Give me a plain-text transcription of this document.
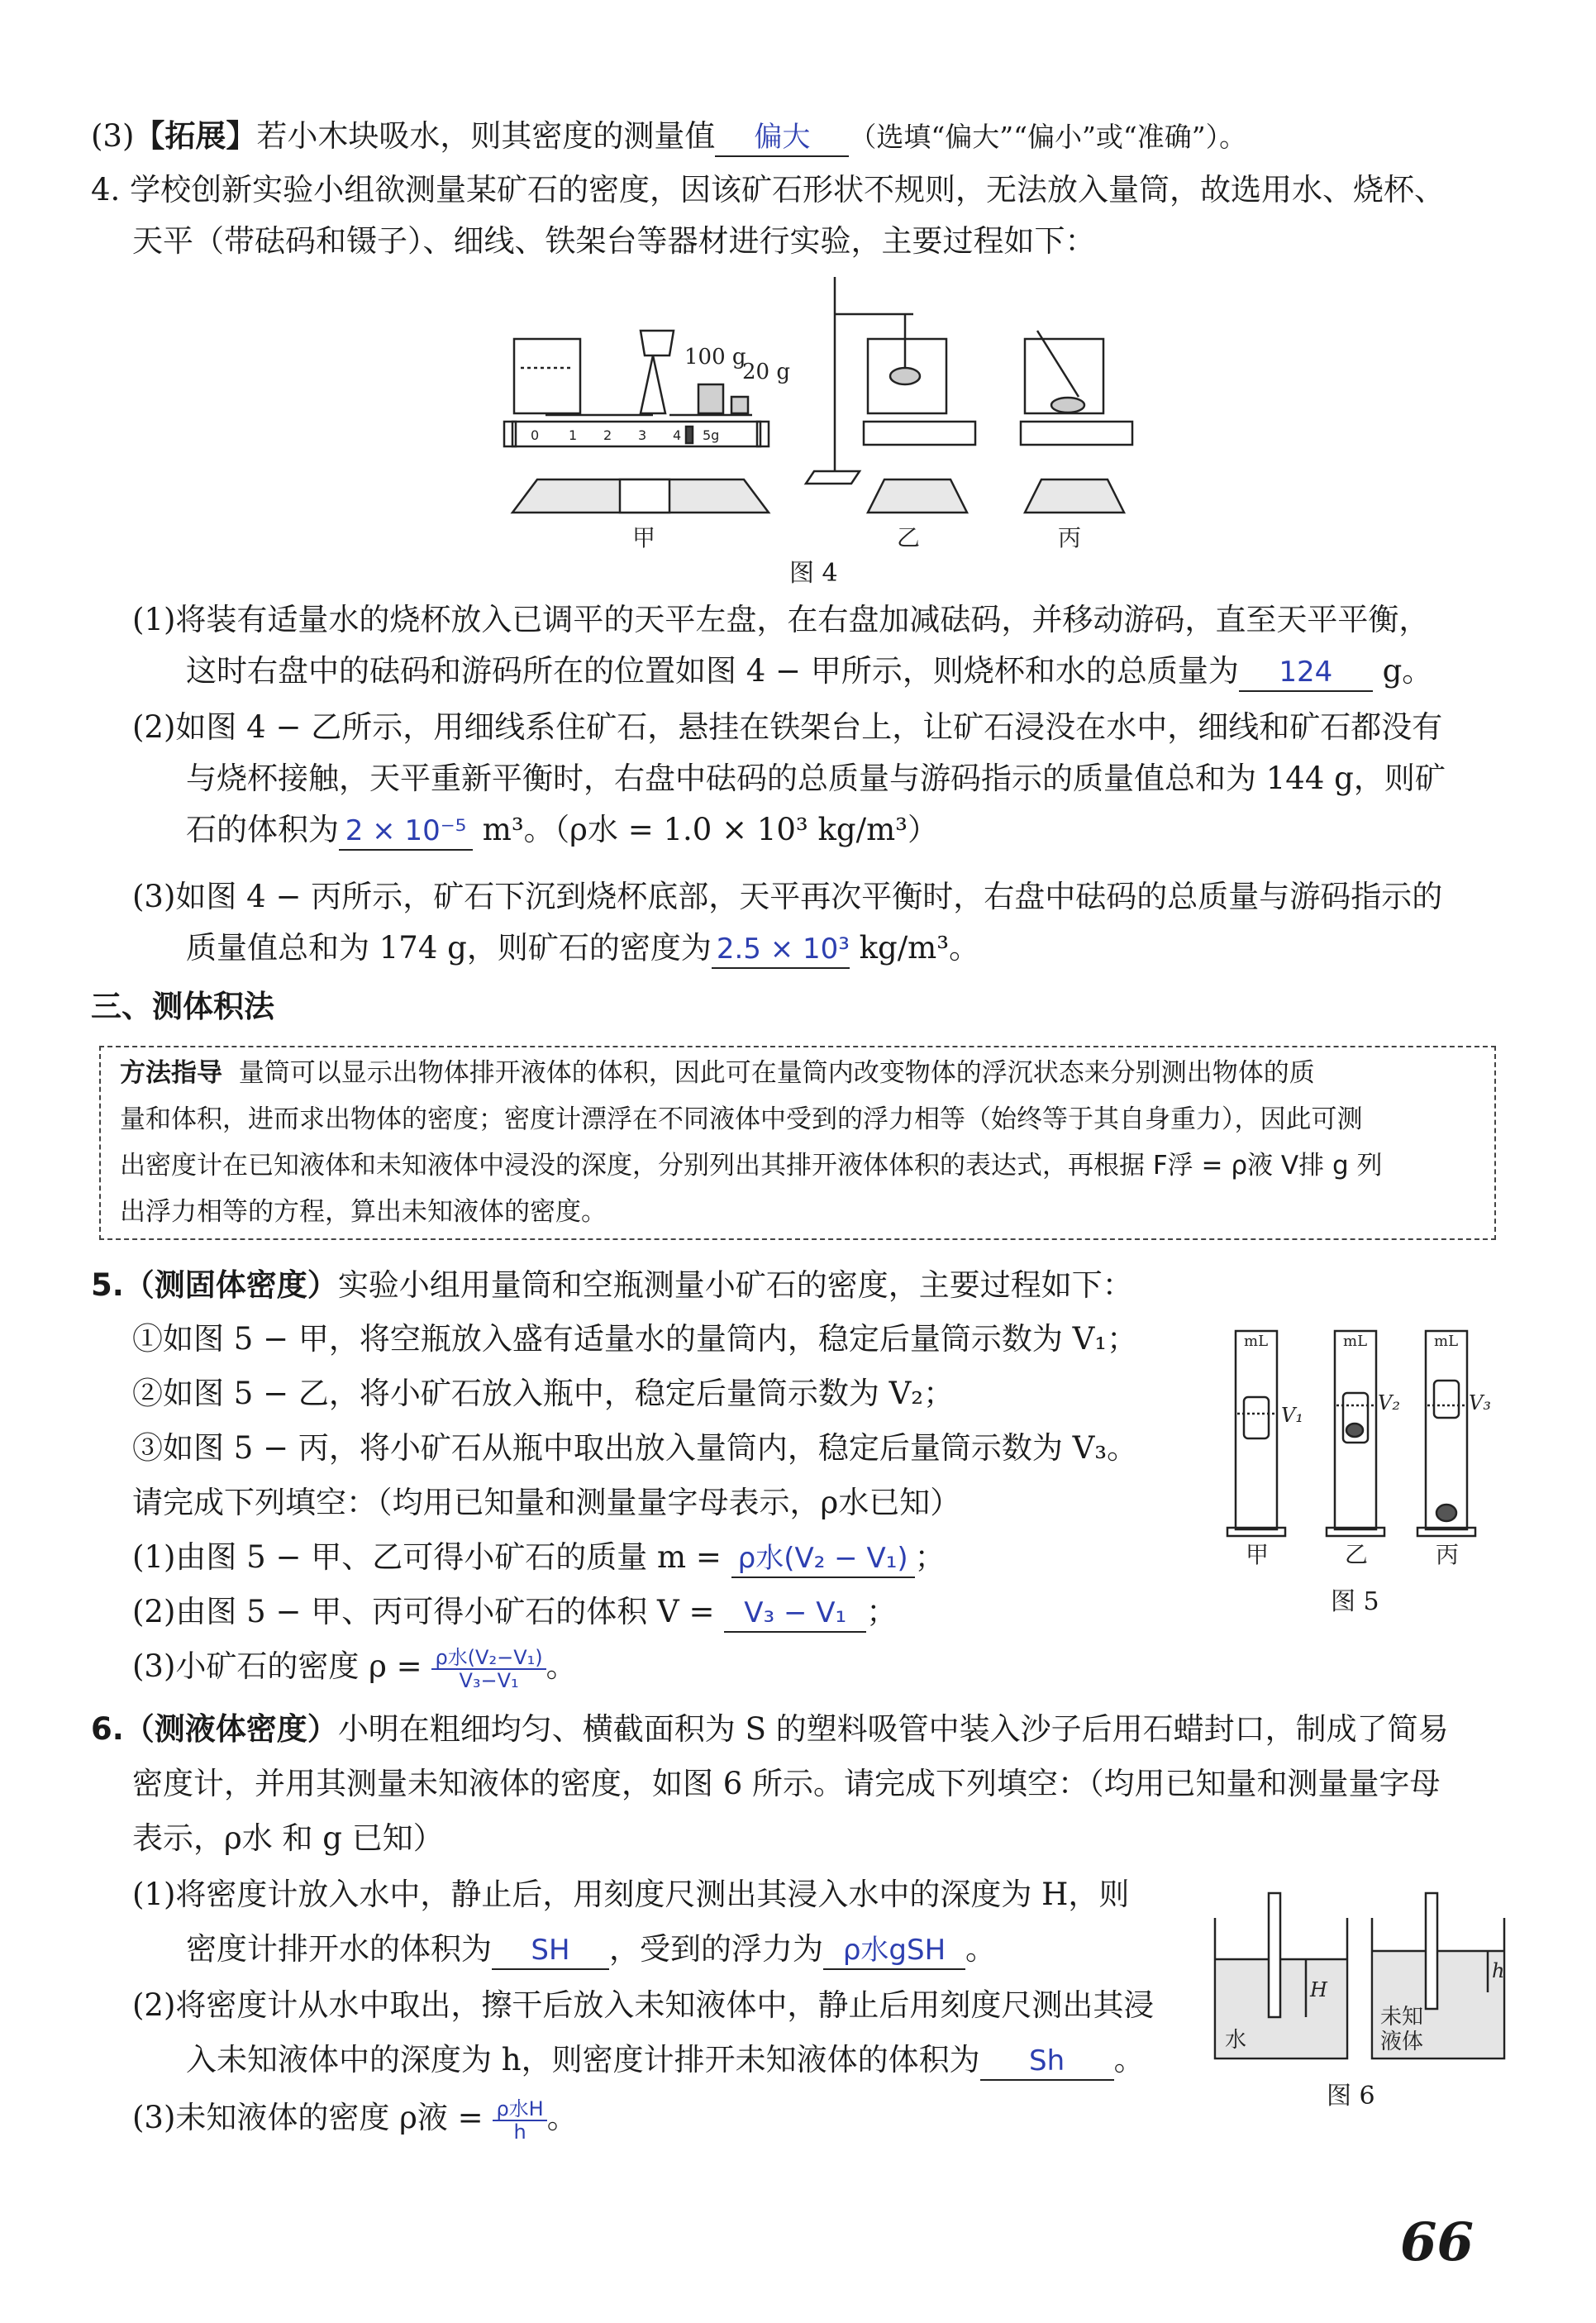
(3)【拓展】若小木块吸水，则其密度的测量值 偏大 （选填“偏大”“偏小”或“准确”）。
4. 学校创新实验小组欲测量某矿石的密度，因该矿石形状不规则，无法放入量筒，故选用水、烧杯、
天平（带砝码和镊子）、细线、铁架台等器材进行实验，主要过程如下：
0 1 2 3 4 5g
100 g
20 g
甲	乙	丙
图 4
(1)将装有适量水的烧杯放入已调平的天平左盘，在右盘加减砝码，并移动游码，直至天平平衡，
这时右盘中的砝码和游码所在的位置如图 4 − 甲所示，则烧杯和水的总质量为 124 g。
(2)如图 4 − 乙所示，用细线系住矿石，悬挂在铁架台上，让矿石浸没在水中，细线和矿石都没有
与烧杯接触，天平重新平衡时，右盘中砝码的总质量与游码指示的质量值总和为 144 g，则矿
石的体积为 2 × 10⁻⁵ m³。（ρ水 = 1.0 × 10³ kg/m³）
(3)如图 4 − 丙所示，矿石下沉到烧杯底部，天平再次平衡时，右盘中砝码的总质量与游码指示的
质量值总和为 174 g，则矿石的密度为 2.5 × 10³ kg/m³。
三、测体积法
方法指导 量筒可以显示出物体排开液体的体积，因此可在量筒内改变物体的浮沉状态来分别测出物体的质
量和体积，进而求出物体的密度；密度计漂浮在不同液体中受到的浮力相等（始终等于其自身重力），因此可测
出密度计在已知液体和未知液体中浸没的深度，分别列出其排开液体体积的表达式，再根据 F浮 = ρ液 V排 g 列
出浮力相等的方程，算出未知液体的密度。
5.（测固体密度）实验小组用量筒和空瓶测量小矿石的密度，主要过程如下：
①如图 5 − 甲，将空瓶放入盛有适量水的量筒内，稳定后量筒示数为 V₁；
②如图 5 − 乙，将小矿石放入瓶中，稳定后量筒示数为 V₂；
③如图 5 − 丙，将小矿石从瓶中取出放入量筒内，稳定后量筒示数为 V₃。
请完成下列填空：（均用已知量和测量量字母表示，ρ水已知）
(1)由图 5 − 甲、乙可得小矿石的质量 m = ρ水(V₂ − V₁) ；
(2)由图 5 − 甲、丙可得小矿石的体积 V = V₃ − V₁ ；
(3)小矿石的密度 $\rho = \frac{\text{ρ水(V₂−V₁)}}{\text{V₃−V₁}}$ 。
mL	mL	mL
V₁
V₂	V₃
甲	乙	丙
图 5
6.（测液体密度）小明在粗细均匀、横截面积为 S 的塑料吸管中装入沙子后用石蜡封口，制成了简易
密度计，并用其测量未知液体的密度，如图 6 所示。请完成下列填空：（均用已知量和测量量字母
表示，ρ水 和 g 已知）
(1)将密度计放入水中，静止后，用刻度尺测出其浸入水中的深度为 H，则
密度计排开水的体积为 SH ，受到的浮力为 ρ水gSH 。
(2)将密度计从水中取出，擦干后放入未知液体中，静止后用刻度尺测出其浸
入未知液体中的深度为 h，则密度计排开未知液体的体积为 Sh 。
(3)未知液体的密度 ρ液 = $\frac{\text{ρ水H}}{h}$ 。
H
h
水
未知
液体
图 6
66
